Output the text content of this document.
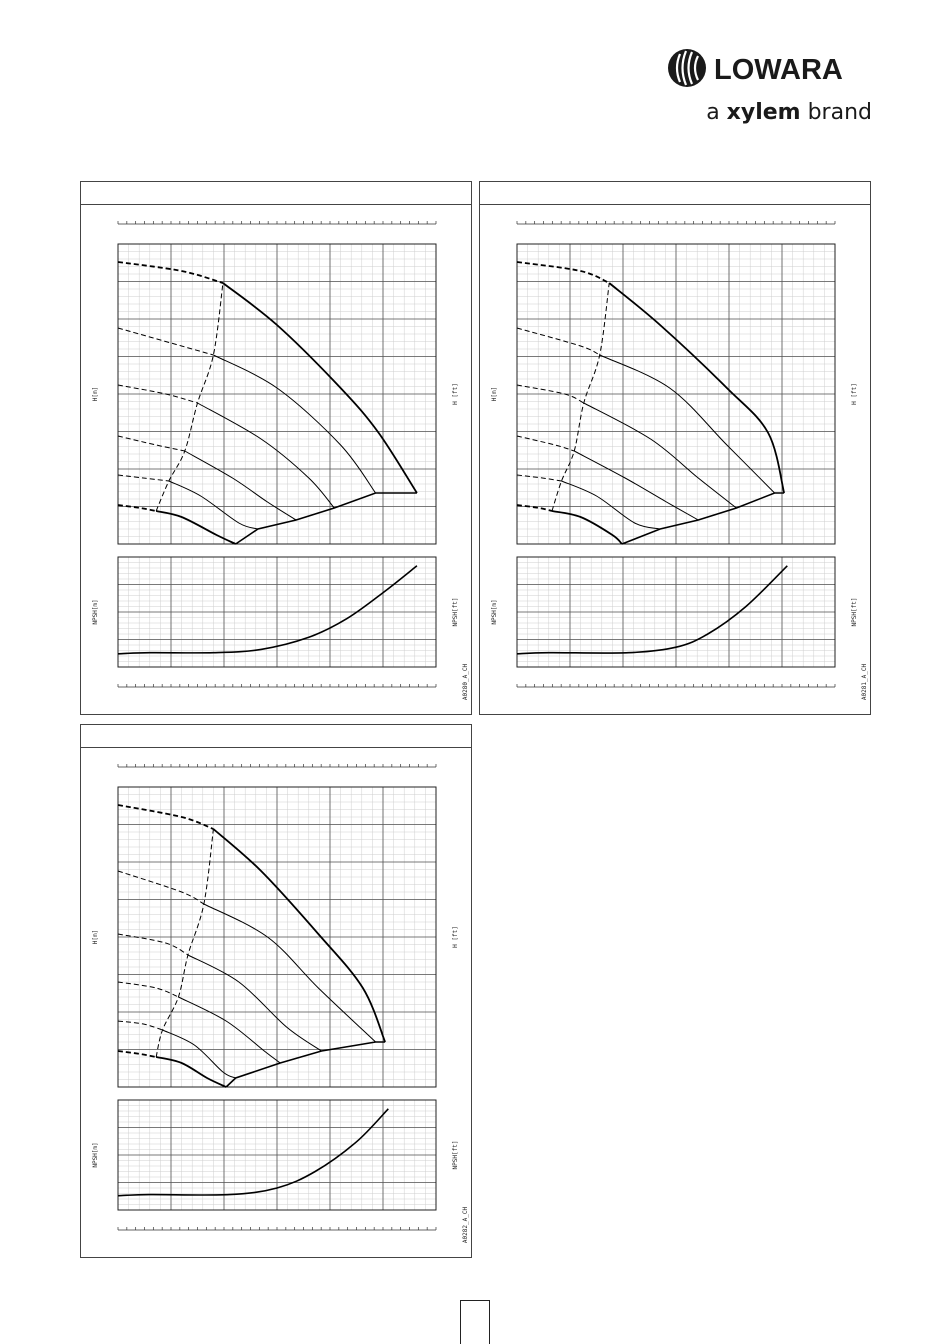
LOWARA
a xylem brand
H[m]	H [ft]
NPSH[m]	NPSH[ft]
A0280_A_CH
H[m]	H [ft]
NPSH[m]	NPSH[ft]
A0281_A_CH
H[m]	H [ft]
NPSH[m]	NPSH[ft]
A0282_A_CH
